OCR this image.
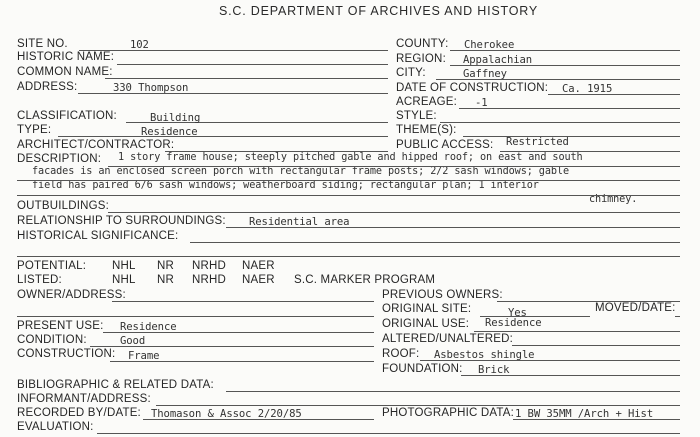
S.C. DEPARTMENT OF ARCHIVES AND HISTORY
SITE NO.	102
HISTORIC NAME:
COMMON NAME:
ADDRESS:	330 Thompson
COUNTY: Cherokee
REGION: Appalachian
CITY:	Gaffney
DATE OF CONSTRUCTION: Ca. 1915
ACREAGE: -1
CLASSIFICATION:	Building
TYPE:	Residence
ARCHITECT/CONTRACTOR:
STYLE:
THEME(S):
PUBLIC ACCESS: Restricted
DESCRIPTION: 1 story frame house; steeply pitched gable and hipped roof; on east and south
facades is an enclosed screen porch with rectangular frame posts; 2/2 sash windows; gable
field has paired 6/6 sash windows; weatherboard siding; rectangular plan; 1 interior
chimney.
OUTBUILDINGS:
RELATIONSHIP TO SURROUNDINGS: Residential area
HISTORICAL SIGNIFICANCE:
POTENTIAL: NHL NR NRHD NAER
LISTED:	NHL NR NRHD NAER S.C. MARKER PROGRAM
OWNER/ADDRESS:	PREVIOUS OWNERS:
ORIGINAL SITE:	Yes	MOVED/DATE:
PRESENT USE: Residence	ORIGINAL USE: Residence
CONDITION:	Good	ALTERED/UNALTERED:
CONSTRUCTION: Frame	ROOF: Asbestos shingle
FOUNDATION: Brick
BIBLIOGRAPHIC & RELATED DATA:
INFORMANT/ADDRESS:
RECORDED BY/DATE: Thomason & Assoc 2/20/85	PHOTOGRAPHIC DATA: 1 BW 35MM /Arch + Hist
EVALUATION:
